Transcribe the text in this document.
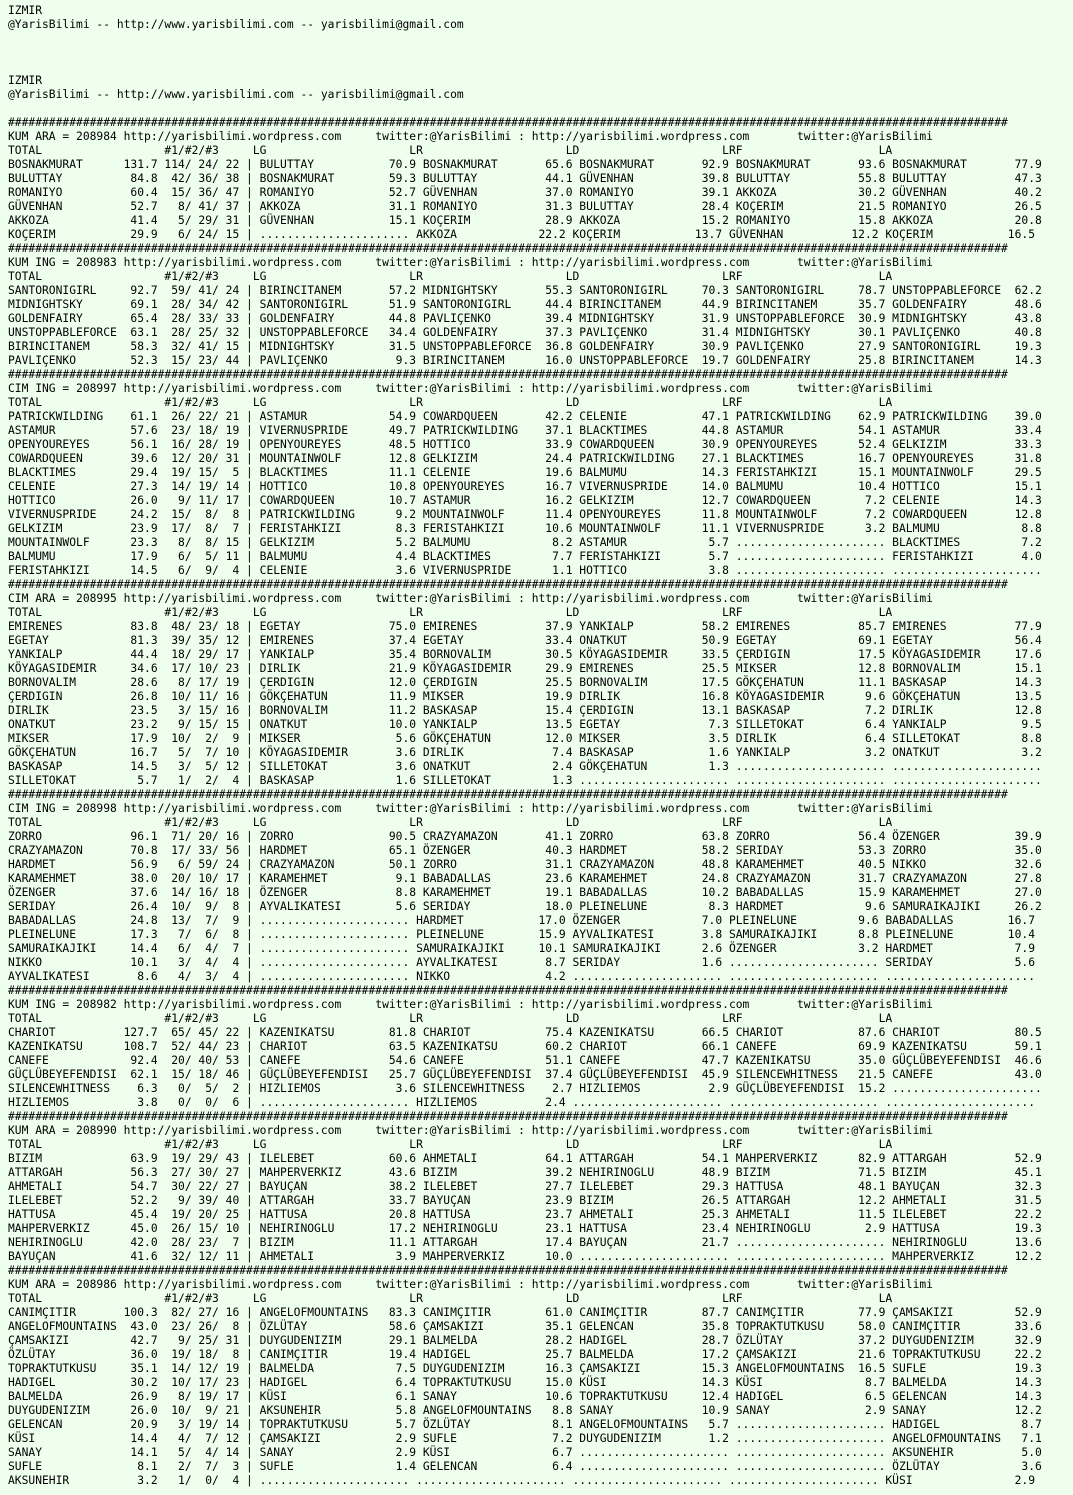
IZMIR
@YarisBilimi -- http://www.yarisbilimi.com -- yarisbilimi@gmail.com
IZMIR
@YarisBilimi -- http://www.yarisbilimi.com -- yarisbilimi@gmail.com
###################################################################################################################################################
KUM ARA = 208984 http://yarisbilimi.wordpress.com     twitter:@YarisBilimi : http://yarisbilimi.wordpress.com       twitter:@YarisBilimi
TOTAL                  #1/#2/#3     LG                     LR                     LD                     LRF                    LA
BOSNAKMURAT      131.7 114/ 24/ 22 | BULUTTAY           70.9 BOSNAKMURAT       65.6 BOSNAKMURAT       92.9 BOSNAKMURAT       93.6 BOSNAKMURAT       77.9
BULUTTAY          84.8  42/ 36/ 38 | BOSNAKMURAT        59.3 BULUTTAY          44.1 GÜVENHAN          39.8 BULUTTAY          55.8 BULUTTAY          47.3
ROMANIYO          60.4  15/ 36/ 47 | ROMANIYO           52.7 GÜVENHAN          37.0 ROMANIYO          39.1 AKKOZA            30.2 GÜVENHAN          40.2
GÜVENHAN          52.7   8/ 41/ 37 | AKKOZA             31.1 ROMANIYO          31.3 BULUTTAY          28.4 KOÇERIM           21.5 ROMANIYO          26.5
AKKOZA            41.4   5/ 29/ 31 | GÜVENHAN           15.1 KOÇERIM           28.9 AKKOZA            15.2 ROMANIYO          15.8 AKKOZA            20.8
KOÇERIM           29.9   6/ 24/ 15 | ...................... AKKOZA            22.2 KOÇERIM           13.7 GÜVENHAN          12.2 KOÇERIM           16.5
###################################################################################################################################################
KUM ING = 208983 http://yarisbilimi.wordpress.com     twitter:@YarisBilimi : http://yarisbilimi.wordpress.com       twitter:@YarisBilimi
TOTAL                  #1/#2/#3     LG                     LR                     LD                     LRF                    LA
SANTORONIGIRL     92.7  59/ 41/ 24 | BIRINCITANEM       57.2 MIDNIGHTSKY       55.3 SANTORONIGIRL     70.3 SANTORONIGIRL     78.7 UNSTOPPABLEFORCE  62.2
MIDNIGHTSKY       69.1  28/ 34/ 42 | SANTORONIGIRL      51.9 SANTORONIGIRL     44.4 BIRINCITANEM      44.9 BIRINCITANEM      35.7 GOLDENFAIRY       48.6
GOLDENFAIRY       65.4  28/ 33/ 33 | GOLDENFAIRY        44.8 PAVLIÇENKO        39.4 MIDNIGHTSKY       31.9 UNSTOPPABLEFORCE  30.9 MIDNIGHTSKY       43.8
UNSTOPPABLEFORCE  63.1  28/ 25/ 32 | UNSTOPPABLEFORCE   34.4 GOLDENFAIRY       37.3 PAVLIÇENKO        31.4 MIDNIGHTSKY       30.1 PAVLIÇENKO        40.8
BIRINCITANEM      58.3  32/ 41/ 15 | MIDNIGHTSKY        31.5 UNSTOPPABLEFORCE  36.8 GOLDENFAIRY       30.9 PAVLIÇENKO        27.9 SANTORONIGIRL     19.3
PAVLIÇENKO        52.3  15/ 23/ 44 | PAVLIÇENKO          9.3 BIRINCITANEM      16.0 UNSTOPPABLEFORCE  19.7 GOLDENFAIRY       25.8 BIRINCITANEM      14.3
###################################################################################################################################################
CIM ING = 208997 http://yarisbilimi.wordpress.com     twitter:@YarisBilimi : http://yarisbilimi.wordpress.com       twitter:@YarisBilimi
TOTAL                  #1/#2/#3     LG                     LR                     LD                     LRF                    LA
PATRICKWILDING    61.1  26/ 22/ 21 | ASTAMUR            54.9 COWARDQUEEN       42.2 CELENIE           47.1 PATRICKWILDING    62.9 PATRICKWILDING    39.0
ASTAMUR           57.6  23/ 18/ 19 | VIVERNUSPRIDE      49.7 PATRICKWILDING    37.1 BLACKTIMES        44.8 ASTAMUR           54.1 ASTAMUR           33.4
OPENYOUREYES      56.1  16/ 28/ 19 | OPENYOUREYES       48.5 HOTTICO           33.9 COWARDQUEEN       30.9 OPENYOUREYES      52.4 GELKIZIM          33.3
COWARDQUEEN       39.6  12/ 20/ 31 | MOUNTAINWOLF       12.8 GELKIZIM          24.4 PATRICKWILDING    27.1 BLACKTIMES        16.7 OPENYOUREYES      31.8
BLACKTIMES        29.4  19/ 15/  5 | BLACKTIMES         11.1 CELENIE           19.6 BALMUMU           14.3 FERISTAHKIZI      15.1 MOUNTAINWOLF      29.5
CELENIE           27.3  14/ 19/ 14 | HOTTICO            10.8 OPENYOUREYES      16.7 VIVERNUSPRIDE     14.0 BALMUMU           10.4 HOTTICO           15.1
HOTTICO           26.0   9/ 11/ 17 | COWARDQUEEN        10.7 ASTAMUR           16.2 GELKIZIM          12.7 COWARDQUEEN        7.2 CELENIE           14.3
VIVERNUSPRIDE     24.2  15/  8/  8 | PATRICKWILDING      9.2 MOUNTAINWOLF      11.4 OPENYOUREYES      11.8 MOUNTAINWOLF       7.2 COWARDQUEEN       12.8
GELKIZIM          23.9  17/  8/  7 | FERISTAHKIZI        8.3 FERISTAHKIZI      10.6 MOUNTAINWOLF      11.1 VIVERNUSPRIDE      3.2 BALMUMU            8.8
MOUNTAINWOLF      23.3   8/  8/ 15 | GELKIZIM            5.2 BALMUMU            8.2 ASTAMUR            5.7 ...................... BLACKTIMES         7.2
BALMUMU           17.9   6/  5/ 11 | BALMUMU             4.4 BLACKTIMES         7.7 FERISTAHKIZI       5.7 ...................... FERISTAHKIZI       4.0
FERISTAHKIZI      14.5   6/  9/  4 | CELENIE             3.6 VIVERNUSPRIDE      1.1 HOTTICO            3.8 ...................... ......................
###################################################################################################################################################
CIM ARA = 208995 http://yarisbilimi.wordpress.com     twitter:@YarisBilimi : http://yarisbilimi.wordpress.com       twitter:@YarisBilimi
TOTAL                  #1/#2/#3     LG                     LR                     LD                     LRF                    LA
EMIRENES          83.8  48/ 23/ 18 | EGETAY             75.0 EMIRENES          37.9 YANKIALP          58.2 EMIRENES          85.7 EMIRENES          77.9
EGETAY            81.3  39/ 35/ 12 | EMIRENES           37.4 EGETAY            33.4 ONATKUT           50.9 EGETAY            69.1 EGETAY            56.4
YANKIALP          44.4  18/ 29/ 17 | YANKIALP           35.4 BORNOVALIM        30.5 KÖYAGASIDEMIR     33.5 ÇERDIGIN          17.5 KÖYAGASIDEMIR     17.6
KÖYAGASIDEMIR     34.6  17/ 10/ 23 | DIRLIK             21.9 KÖYAGASIDEMIR     29.9 EMIRENES          25.5 MIKSER            12.8 BORNOVALIM        15.1
BORNOVALIM        28.6   8/ 17/ 19 | ÇERDIGIN           12.0 ÇERDIGIN          25.5 BORNOVALIM        17.5 GÖKÇEHATUN        11.1 BASKASAP          14.3
ÇERDIGIN          26.8  10/ 11/ 16 | GÖKÇEHATUN         11.9 MIKSER            19.9 DIRLIK            16.8 KÖYAGASIDEMIR      9.6 GÖKÇEHATUN        13.5
DIRLIK            23.5   3/ 15/ 16 | BORNOVALIM         11.2 BASKASAP          15.4 ÇERDIGIN          13.1 BASKASAP           7.2 DIRLIK            12.8
ONATKUT           23.2   9/ 15/ 15 | ONATKUT            10.0 YANKIALP          13.5 EGETAY             7.3 SILLETOKAT         6.4 YANKIALP           9.5
MIKSER            17.9  10/  2/  9 | MIKSER              5.6 GÖKÇEHATUN        12.0 MIKSER             3.5 DIRLIK             6.4 SILLETOKAT         8.8
GÖKÇEHATUN        16.7   5/  7/ 10 | KÖYAGASIDEMIR       3.6 DIRLIK             7.4 BASKASAP           1.6 YANKIALP           3.2 ONATKUT            3.2
BASKASAP          14.5   3/  5/ 12 | SILLETOKAT          3.6 ONATKUT            2.4 GÖKÇEHATUN         1.3 ...................... ......................
SILLETOKAT         5.7   1/  2/  4 | BASKASAP            1.6 SILLETOKAT         1.3 ...................... ...................... ......................
###################################################################################################################################################
CIM ING = 208998 http://yarisbilimi.wordpress.com     twitter:@YarisBilimi : http://yarisbilimi.wordpress.com       twitter:@YarisBilimi
TOTAL                  #1/#2/#3     LG                     LR                     LD                     LRF                    LA
ZORRO             96.1  71/ 20/ 16 | ZORRO              90.5 CRAZYAMAZON       41.1 ZORRO             63.8 ZORRO             56.4 ÖZENGER           39.9
CRAZYAMAZON       70.8  17/ 33/ 56 | HARDMET            65.1 ÖZENGER           40.3 HARDMET           58.2 SERIDAY           53.3 ZORRO             35.0
HARDMET           56.9   6/ 59/ 24 | CRAZYAMAZON        50.1 ZORRO             31.1 CRAZYAMAZON       48.8 KARAMEHMET        40.5 NIKKO             32.6
KARAMEHMET        38.0  20/ 10/ 17 | KARAMEHMET          9.1 BABADALLAS        23.6 KARAMEHMET        24.8 CRAZYAMAZON       31.7 CRAZYAMAZON       27.8
ÖZENGER           37.6  14/ 16/ 18 | ÖZENGER             8.8 KARAMEHMET        19.1 BABADALLAS        10.2 BABADALLAS        15.9 KARAMEHMET        27.0
SERIDAY           26.4  10/  9/  8 | AYVALIKATESI        5.6 SERIDAY           18.0 PLEINELUNE         8.3 HARDMET            9.6 SAMURAIKAJIKI     26.2
BABADALLAS        24.8  13/  7/  9 | ...................... HARDMET           17.0 ÖZENGER            7.0 PLEINELUNE         9.6 BABADALLAS        16.7
PLEINELUNE        17.3   7/  6/  8 | ...................... PLEINELUNE        15.9 AYVALIKATESI       3.8 SAMURAIKAJIKI      8.8 PLEINELUNE        10.4
SAMURAIKAJIKI     14.4   6/  4/  7 | ...................... SAMURAIKAJIKI     10.1 SAMURAIKAJIKI      2.6 ÖZENGER            3.2 HARDMET            7.9
NIKKO             10.1   3/  4/  4 | ...................... AYVALIKATESI       8.7 SERIDAY            1.6 ...................... SERIDAY            5.6
AYVALIKATESI       8.6   4/  3/  4 | ...................... NIKKO              4.2 ...................... ...................... ......................
###################################################################################################################################################
KUM ING = 208982 http://yarisbilimi.wordpress.com     twitter:@YarisBilimi : http://yarisbilimi.wordpress.com       twitter:@YarisBilimi
TOTAL                  #1/#2/#3     LG                     LR                     LD                     LRF                    LA
CHARIOT          127.7  65/ 45/ 22 | KAZENIKATSU        81.8 CHARIOT           75.4 KAZENIKATSU       66.5 CHARIOT           87.6 CHARIOT           80.5
KAZENIKATSU      108.7  52/ 44/ 23 | CHARIOT            63.5 KAZENIKATSU       60.2 CHARIOT           66.1 CANEFE            69.9 KAZENIKATSU       59.1
CANEFE            92.4  20/ 40/ 53 | CANEFE             54.6 CANEFE            51.1 CANEFE            47.7 KAZENIKATSU       35.0 GÜÇLÜBEYEFENDISI  46.6
GÜÇLÜBEYEFENDISI  62.1  15/ 18/ 46 | GÜÇLÜBEYEFENDISI   25.7 GÜÇLÜBEYEFENDISI  37.4 GÜÇLÜBEYEFENDISI  45.9 SILENCEWHITNESS   21.5 CANEFE            43.0
SILENCEWHITNESS    6.3   0/  5/  2 | HIZLIEMOS           3.6 SILENCEWHITNESS    2.7 HIZLIEMOS          2.9 GÜÇLÜBEYEFENDISI  15.2 ......................
HIZLIEMOS          3.8   0/  0/  6 | ...................... HIZLIEMOS          2.4 ...................... ...................... ......................
###################################################################################################################################################
KUM ARA = 208990 http://yarisbilimi.wordpress.com     twitter:@YarisBilimi : http://yarisbilimi.wordpress.com       twitter:@YarisBilimi
TOTAL                  #1/#2/#3     LG                     LR                     LD                     LRF                    LA
BIZIM             63.9  19/ 29/ 43 | ILELEBET           60.6 AHMETALI          64.1 ATTARGAH          54.1 MAHPERVERKIZ      82.9 ATTARGAH          52.9
ATTARGAH          56.3  27/ 30/ 27 | MAHPERVERKIZ       43.6 BIZIM             39.2 NEHIRINOGLU       48.9 BIZIM             71.5 BIZIM             45.1
AHMETALI          54.7  30/ 22/ 27 | BAYUÇAN            38.2 ILELEBET          27.7 ILELEBET          29.3 HATTUSA           48.1 BAYUÇAN           32.3
ILELEBET          52.2   9/ 39/ 40 | ATTARGAH           33.7 BAYUÇAN           23.9 BIZIM             26.5 ATTARGAH          12.2 AHMETALI          31.5
HATTUSA           45.4  19/ 20/ 25 | HATTUSA            20.8 HATTUSA           23.7 AHMETALI          25.3 AHMETALI          11.5 ILELEBET          22.2
MAHPERVERKIZ      45.0  26/ 15/ 10 | NEHIRINOGLU        17.2 NEHIRINOGLU       23.1 HATTUSA           23.4 NEHIRINOGLU        2.9 HATTUSA           19.3
NEHIRINOGLU       42.0  28/ 23/  7 | BIZIM              11.1 ATTARGAH          17.4 BAYUÇAN           21.7 ...................... NEHIRINOGLU       13.6
BAYUÇAN           41.6  32/ 12/ 11 | AHMETALI            3.9 MAHPERVERKIZ      10.0 ...................... ...................... MAHPERVERKIZ      12.2
###################################################################################################################################################
KUM ARA = 208986 http://yarisbilimi.wordpress.com     twitter:@YarisBilimi : http://yarisbilimi.wordpress.com       twitter:@YarisBilimi
TOTAL                  #1/#2/#3     LG                     LR                     LD                     LRF                    LA
CANIMÇITIR       100.3  82/ 27/ 16 | ANGELOFMOUNTAINS   83.3 CANIMÇITIR        61.0 CANIMÇITIR        87.7 CANIMÇITIR        77.9 ÇAMSAKIZI         52.9
ANGELOFMOUNTAINS  43.0  23/ 26/  8 | ÖZLÜTAY            58.6 ÇAMSAKIZI         35.1 GELENCAN          35.8 TOPRAKTUTKUSU     58.0 CANIMÇITIR        33.6
ÇAMSAKIZI         42.7   9/ 25/ 31 | DUYGUDENIZIM       29.1 BALMELDA          28.2 HADIGEL           28.7 ÖZLÜTAY           37.2 DUYGUDENIZIM      32.9
ÖZLÜTAY           36.0  19/ 18/  8 | CANIMÇITIR         19.4 HADIGEL           25.7 BALMELDA          17.2 ÇAMSAKIZI         21.6 TOPRAKTUTKUSU     22.2
TOPRAKTUTKUSU     35.1  14/ 12/ 19 | BALMELDA            7.5 DUYGUDENIZIM      16.3 ÇAMSAKIZI         15.3 ANGELOFMOUNTAINS  16.5 SUFLE             19.3
HADIGEL           30.2  10/ 17/ 23 | HADIGEL             6.4 TOPRAKTUTKUSU     15.0 KÜSI              14.3 KÜSI               8.7 BALMELDA          14.3
BALMELDA          26.9   8/ 19/ 17 | KÜSI                6.1 SANAY             10.6 TOPRAKTUTKUSU     12.4 HADIGEL            6.5 GELENCAN          14.3
DUYGUDENIZIM      26.0  10/  9/ 21 | AKSUNEHIR           5.8 ANGELOFMOUNTAINS   8.8 SANAY             10.9 SANAY              2.9 SANAY             12.2
GELENCAN          20.9   3/ 19/ 14 | TOPRAKTUTKUSU       5.7 ÖZLÜTAY            8.1 ANGELOFMOUNTAINS   5.7 ...................... HADIGEL            8.7
KÜSI              14.4   4/  7/ 12 | ÇAMSAKIZI           2.9 SUFLE              7.2 DUYGUDENIZIM       1.2 ...................... ANGELOFMOUNTAINS   7.1
SANAY             14.1   5/  4/ 14 | SANAY               2.9 KÜSI               6.7 ...................... ...................... AKSUNEHIR          5.0
SUFLE              8.1   2/  7/  3 | SUFLE               1.4 GELENCAN           6.4 ...................... ...................... ÖZLÜTAY            3.6
AKSUNEHIR          3.2   1/  0/  4 | ...................... ...................... ...................... ...................... KÜSI               2.9
